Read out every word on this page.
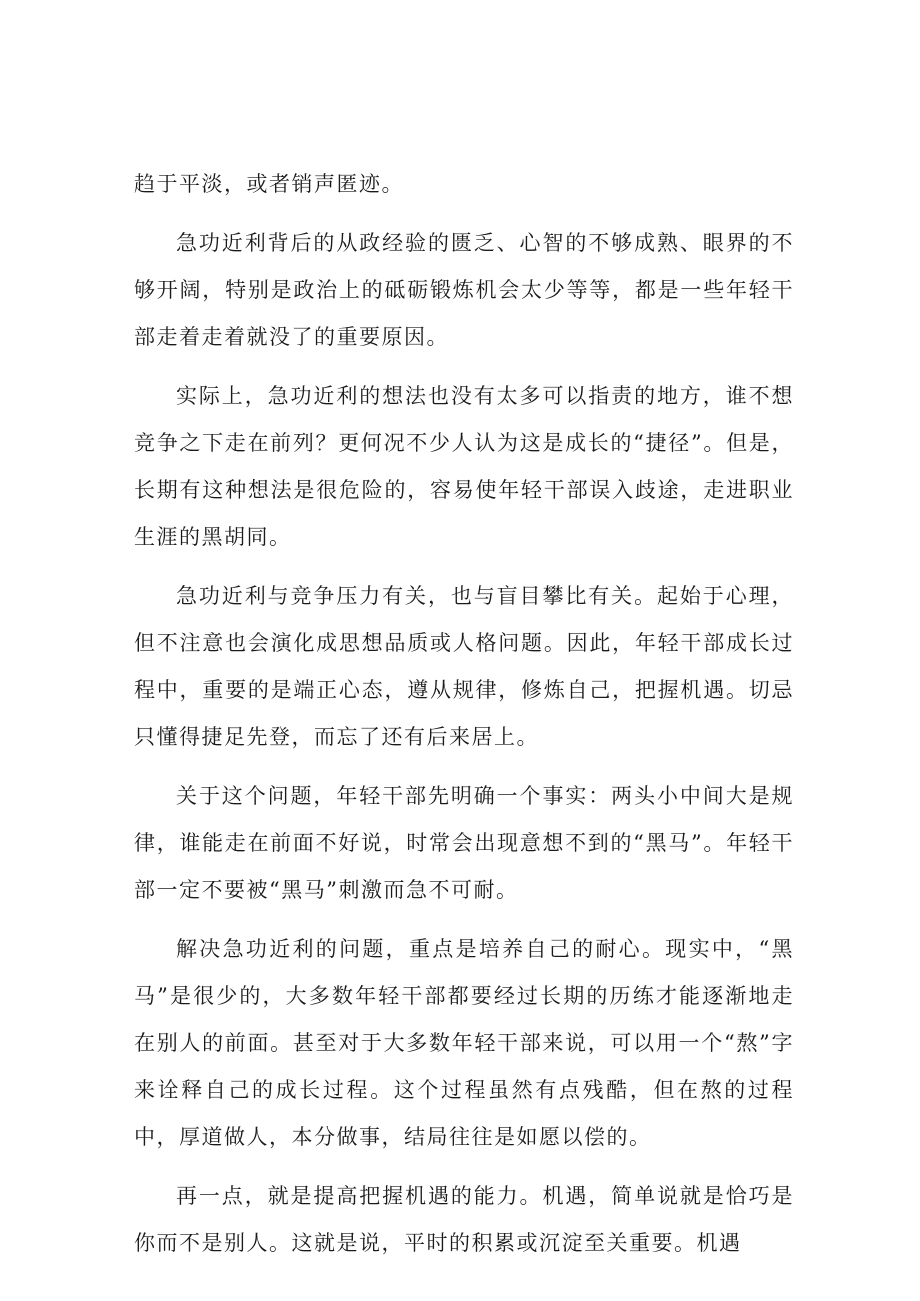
趋于平淡，或者销声匿迹。

急功近利背后的从政经验的匮乏、心智的不够成熟、眼界的不够开阔，特别是政治上的砥砺锻炼机会太少等等，都是一些年轻干部走着走着就没了的重要原因。

实际上，急功近利的想法也没有太多可以指责的地方，谁不想竞争之下走在前列？更何况不少人认为这是成长的“捷径”。但是，长期有这种想法是很危险的，容易使年轻干部误入歧途，走进职业生涯的黑胡同。

急功近利与竞争压力有关，也与盲目攀比有关。起始于心理，但不注意也会演化成思想品质或人格问题。因此，年轻干部成长过程中，重要的是端正心态，遵从规律，修炼自己，把握机遇。切忌只懂得捷足先登，而忘了还有后来居上。

关于这个问题，年轻干部先明确一个事实：两头小中间大是规律，谁能走在前面不好说，时常会出现意想不到的“黑马”。年轻干部一定不要被“黑马”刺激而急不可耐。

解决急功近利的问题，重点是培养自己的耐心。现实中，“黑马”是很少的，大多数年轻干部都要经过长期的历练才能逐渐地走在别人的前面。甚至对于大多数年轻干部来说，可以用一个“熬”字来诠释自己的成长过程。这个过程虽然有点残酷，但在熬的过程中，厚道做人，本分做事，结局往往是如愿以偿的。

再一点，就是提高把握机遇的能力。机遇，简单说就是恰巧是你而不是别人。这就是说，平时的积累或沉淀至关重要。机遇
